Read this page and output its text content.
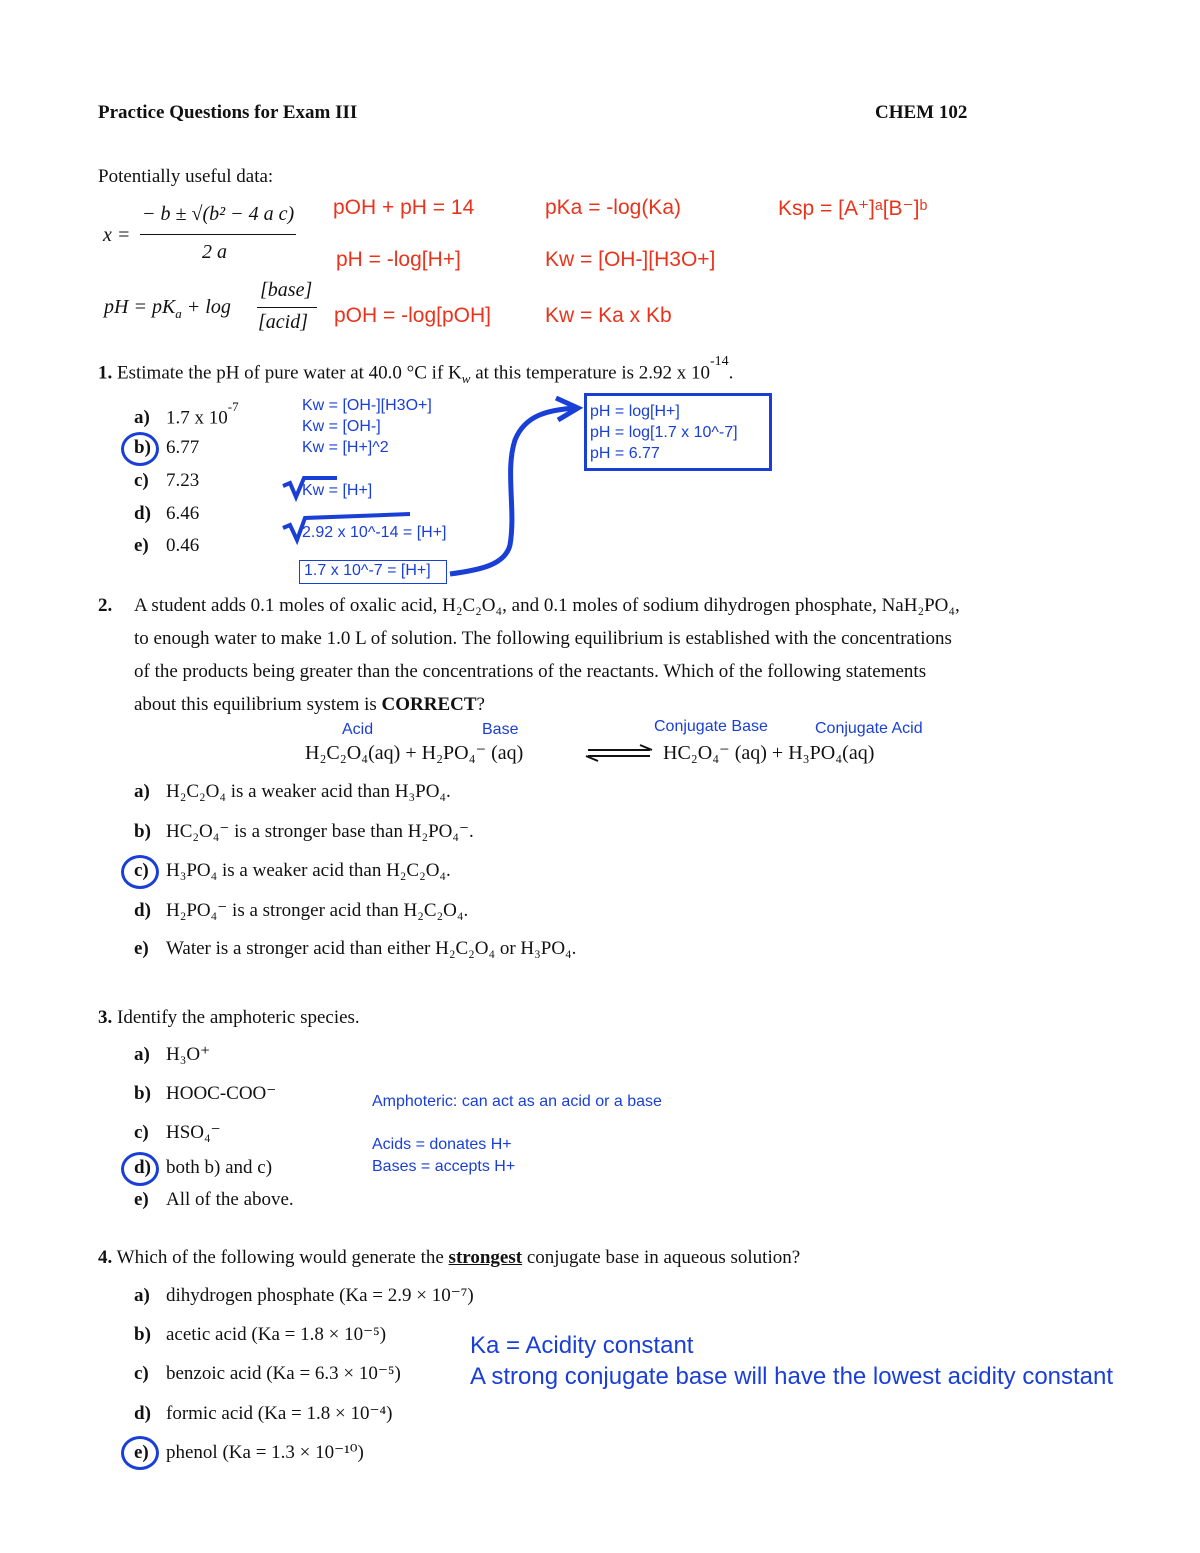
Practice Questions for Exam III	CHEM 102
Potentially useful data:
x =
− b ± √(b² − 4 a c)
2 a
pH = $pK_a + \log$
[base]
[acid]
pOH + pH = 14	pKa = -log(Ka)	Ksp = [A⁺]ᵃ[B⁻]ᵇ
pH = -log[H+]	Kw = [OH-][H3O+]
pOH = -log[pOH]	Kw = Ka x Kb
1. Estimate the pH of pure water at 40.0 °C if $K_w$ at this temperature is 2.92 x $10^{-14}$.
a) 1.7 x $10^{-7}$
b) 6.77
c) 7.23
d) 6.46
e) 0.46
Kw = [OH-][H3O+]
Kw = [OH-]
Kw = [H+]^2
Kw = [H+]
2.92 x 10^-14 = [H+]
1.7 x 10^-7 = [H+]
pH = log[H+]
pH = log[1.7 x 10^-7]
pH = 6.77
2. A student adds 0.1 moles of oxalic acid, H₂C₂O₄, and 0.1 moles of sodium dihydrogen phosphate, NaH₂PO₄,
to enough water to make 1.0 L of solution. The following equilibrium is established with the concentrations
of the products being greater than the concentrations of the reactants. Which of the following statements
about this equilibrium system is CORRECT?
Acid	Base	Conjugate Base	Conjugate Acid
H₂C₂O₄(aq) + H₂PO₄⁻ (aq)	HC₂O₄⁻ (aq) + H₃PO₄(aq)
a) H₂C₂O₄ is a weaker acid than H₃PO₄.
b) HC₂O₄⁻ is a stronger base than H₂PO₄⁻.
c) H₃PO₄ is a weaker acid than H₂C₂O₄.
d) H₂PO₄⁻ is a stronger acid than H₂C₂O₄.
e) Water is a stronger acid than either H₂C₂O₄ or H₃PO₄.
3. Identify the amphoteric species.
a) H₃O⁺
b) HOOC-COO⁻
c) HSO₄⁻
d) both b) and c)
e) All of the above.
Amphoteric: can act as an acid or a base
Acids = donates H+
Bases = accepts H+
4. Which of the following would generate the strongest conjugate base in aqueous solution?
a) dihydrogen phosphate (Ka = 2.9 × 10⁻⁷)
b) acetic acid (Ka = 1.8 × 10⁻⁵)
c) benzoic acid (Ka = 6.3 × 10⁻⁵)
d) formic acid (Ka = 1.8 × 10⁻⁴)
e) phenol (Ka = 1.3 × 10⁻¹⁰)
Ka = Acidity constant
A strong conjugate base will have the lowest acidity constant
